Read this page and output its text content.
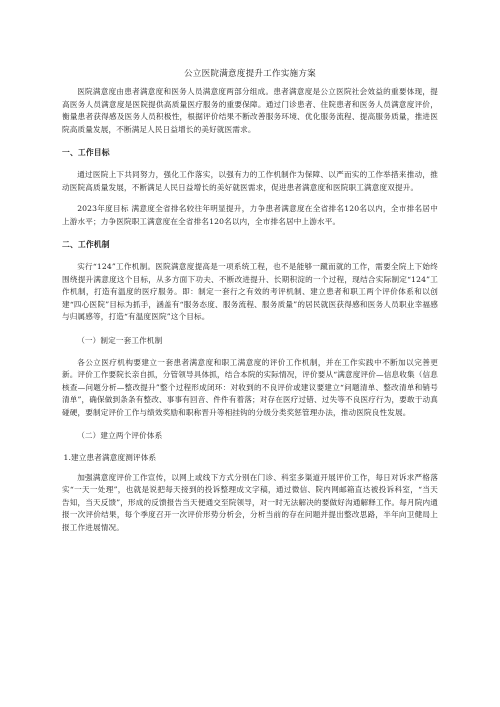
公立医院满意度提升工作实施方案

医院满意度由患者满意度和医务人员满意度两部分组成。患者满意度是公立医院社会效益的重要体现，提高医务人员满意度是医院提供高质量医疗服务的重要保障。通过门诊患者、住院患者和医务人员满意度评价，衡量患者获得感及医务人员积极性，根据评价结果不断改善服务环境、优化服务流程、提高服务质量，推进医院高质量发展，不断满足人民日益增长的美好就医需求。

一、工作目标

通过医院上下共同努力，强化工作落实，以强有力的工作机制作为保障、以严而实的工作举措来推动，推动医院高质量发展，不断满足人民日益增长的美好就医需求，促进患者满意度和医院职工满意度双提升。

2023年度目标 满意度全省排名较往年明显提升，力争患者满意度在全省排名120名以内，全市排名居中上游水平；力争医院职工满意度在全省排名120名以内，全市排名居中上游水平。

二、工作机制

实行“124”工作机制。医院满意度提高是一项系统工程，也不是能够一蹴而就的工作，需要全院上下始终围绕提升满意度这个目标，从多方面下功夫、不断改进提升、长期积淀的一个过程，现结合实际制定“124”工作机制，打造有温度的医疗服务。即：制定一套行之有效的考评机制、建立患者和职工两个评价体系和以创建“四心医院”目标为抓手，涵盖有“服务态度、服务流程、服务质量”的居民就医获得感和医务人员职业幸福感与归属感等，打造“有温度医院”这个目标。

（一）制定一套工作机制

各公立医疗机构要建立一套患者满意度和职工满意度的评价工作机制，并在工作实践中不断加以完善更新。评价工作要院长亲自抓，分管领导具体抓，结合本院的实际情况，评价要从“满意度评价—信息收集（信息核查—问题分析—整改提升”整个过程形成闭环：对收到的不良评价或建议要建立“问题清单、整改清单和销号清单”，确保做到条条有整改、事事有回音、件件有着落；对存在医疗过错、过失等不良医疗行为，要敢于动真碰硬，要制定评价工作与绩效奖励和职称晋升等相挂钩的分级分类奖惩管理办法，推动医院良性发展。

（二）建立两个评价体系

1.建立患者满意度测评体系

加强满意度评价工作宣传，以网上或线下方式分别在门诊、科室多渠道开展评价工作，每日对诉求严格落实“一天一处理”，也就是说把每天接到的投诉整理成文字稿，通过微信、院内网邮箱直达被投诉科室，“当天告知，当天反馈”，形成的反馈报告当天便通交至院领导，对一时无法解决的要做好沟通解释工作。每月院内通报一次评价结果，每个季度召开一次评价形势分析会，分析当前的存在问题并提出整改思路，半年向卫健局上报工作进展情况。
